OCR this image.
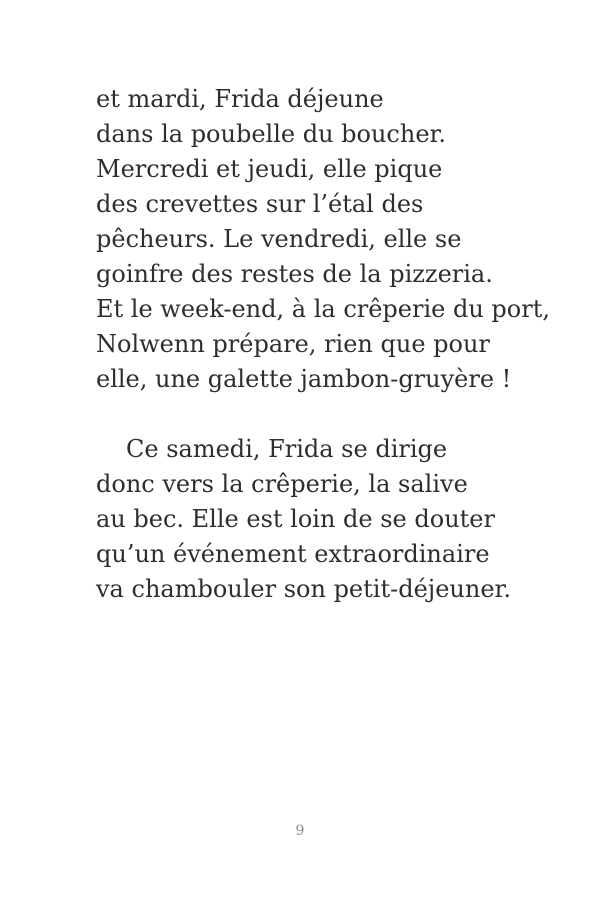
et mardi, Frida déjeune
dans la poubelle du boucher.
Mercredi et jeudi, elle pique
des crevettes sur l’étal des
pêcheurs. Le vendredi, elle se
goinfre des restes de la pizzeria.
Et le week-end, à la crêperie du port,
Nolwenn prépare, rien que pour
elle, une galette jambon-gruyère !
Ce samedi, Frida se dirige
donc vers la crêperie, la salive
au bec. Elle est loin de se douter
qu’un événement extraordinaire
va chambouler son petit-déjeuner.
9
